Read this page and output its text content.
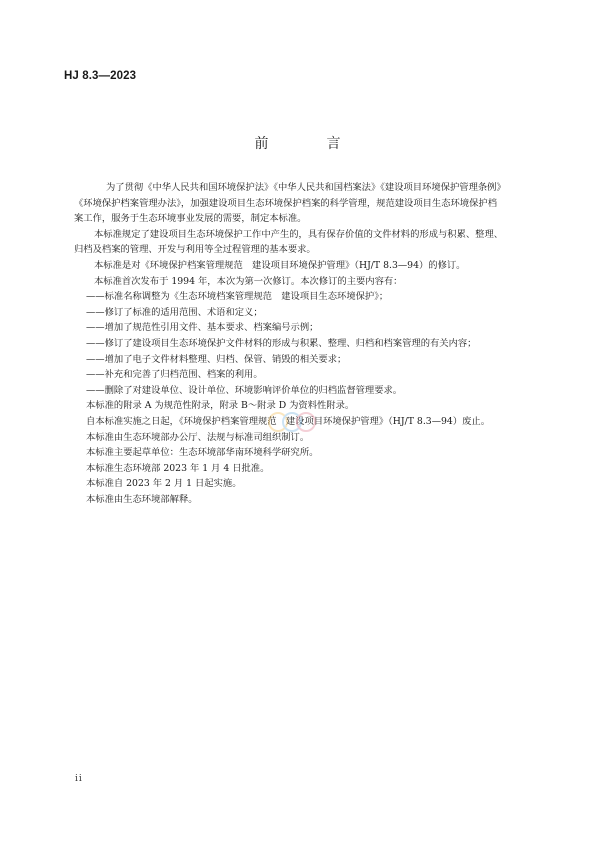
HJ 8.3—2023
前　言

为了贯彻《中华人民共和国环境保护法》《中华人民共和国档案法》《建设项目环境保护管理条例》

《环境保护档案管理办法》，加强建设项目生态环境保护档案的科学管理，规范建设项目生态环境保护档

案工作，服务于生态环境事业发展的需要，制定本标准。

本标准规定了建设项目生态环境保护工作中产生的，具有保存价值的文件材料的形成与积累、整理、

归档及档案的管理、开发与利用等全过程管理的基本要求。

本标准是对《环境保护档案管理规范　建设项目环境保护管理》（HJ/T 8.3—94）的修订。

本标准首次发布于 1994 年，本次为第一次修订。本次修订的主要内容有：

——标准名称调整为《生态环境档案管理规范　建设项目生态环境保护》；

——修订了标准的适用范围、术语和定义；

——增加了规范性引用文件、基本要求、档案编号示例；

——修订了建设项目生态环境保护文件材料的形成与积累、整理、归档和档案管理的有关内容；

——增加了电子文件材料整理、归档、保管、销毁的相关要求；

——补充和完善了归档范围、档案的利用。

——删除了对建设单位、设计单位、环境影响评价单位的归档监督管理要求。

本标准的附录 A 为规范性附录，附录 B～附录 D 为资料性附录。

自本标准实施之日起，《环境保护档案管理规范　建设项目环境保护管理》（HJ/T 8.3—94）废止。

本标准由生态环境部办公厅、法规与标准司组织制订。

本标准主要起草单位：生态环境部华南环境科学研究所。

本标准生态环境部 2023 年 1 月 4 日批准。

本标准自 2023 年 2 月 1 日起实施。

本标准由生态环境部解释。

ii
